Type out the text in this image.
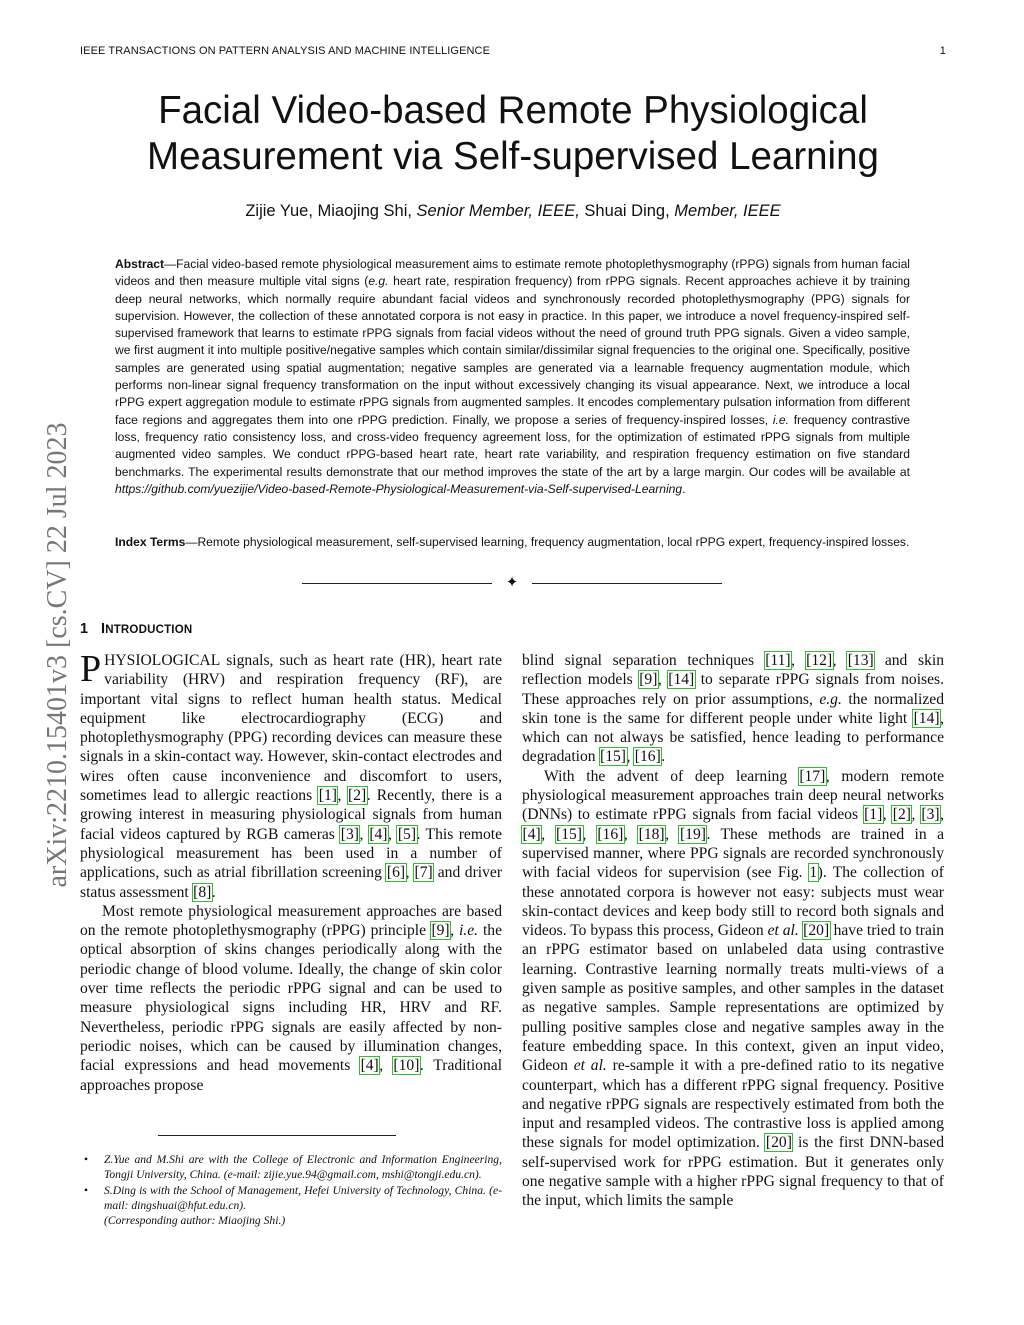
IEEE TRANSACTIONS ON PATTERN ANALYSIS AND MACHINE INTELLIGENCE	1
arXiv:2210.15401v3 [cs.CV] 22 Jul 2023
Facial Video-based Remote Physiological
Measurement via Self-supervised Learning
Zijie Yue, Miaojing Shi, Senior Member, IEEE, Shuai Ding, Member, IEEE

Abstract—Facial video-based remote physiological measurement aims to estimate remote photoplethysmography (rPPG) signals from human facial videos and then measure multiple vital signs (e.g. heart rate, respiration frequency) from rPPG signals. Recent approaches achieve it by training deep neural networks, which normally require abundant facial videos and synchronously recorded photoplethysmography (PPG) signals for supervision. However, the collection of these annotated corpora is not easy in practice. In this paper, we introduce a novel frequency-inspired self-supervised framework that learns to estimate rPPG signals from facial videos without the need of ground truth PPG signals. Given a video sample, we first augment it into multiple positive/negative samples which contain similar/dissimilar signal frequencies to the original one. Specifically, positive samples are generated using spatial augmentation; negative samples are generated via a learnable frequency augmentation module, which performs non-linear signal frequency transformation on the input without excessively changing its visual appearance. Next, we introduce a local rPPG expert aggregation module to estimate rPPG signals from augmented samples. It encodes complementary pulsation information from different face regions and aggregates them into one rPPG prediction. Finally, we propose a series of frequency-inspired losses, i.e. frequency contrastive loss, frequency ratio consistency loss, and cross-video frequency agreement loss, for the optimization of estimated rPPG signals from multiple augmented video samples. We conduct rPPG-based heart rate, heart rate variability, and respiration frequency estimation on five standard benchmarks. The experimental results demonstrate that our method improves the state of the art by a large margin. Our codes will be available at https://github.com/yuezijie/Video-based-Remote-Physiological-Measurement-via-Self-supervised-Learning.

Index Terms—Remote physiological measurement, self-supervised learning, frequency augmentation, local rPPG expert, frequency-inspired losses.

✦
1 INTRODUCTION

PHYSIOLOGICAL signals, such as heart rate (HR), heart rate variability (HRV) and respiration frequency (RF), are important vital signs to reflect human health status. Medical equipment like electrocardiography (ECG) and photoplethysmography (PPG) recording devices can measure these signals in a skin-contact way. However, skin-contact electrodes and wires often cause inconvenience and discomfort to users, sometimes lead to allergic reactions [1], [2]. Recently, there is a growing interest in measuring physiological signals from human facial videos captured by RGB cameras [3], [4], [5]. This remote physiological measurement has been used in a number of applications, such as atrial fibrillation screening [6], [7] and driver status assessment [8].

Most remote physiological measurement approaches are based on the remote photoplethysmography (rPPG) principle [9], i.e. the optical absorption of skins changes periodically along with the periodic change of blood volume. Ideally, the change of skin color over time reflects the periodic rPPG signal and can be used to measure physiological signs including HR, HRV and RF. Nevertheless, periodic rPPG signals are easily affected by non-periodic noises, which can be caused by illumination changes, facial expressions and head movements [4], [10]. Traditional approaches propose

blind signal separation techniques [11], [12], [13] and skin reflection models [9], [14] to separate rPPG signals from noises. These approaches rely on prior assumptions, e.g. the normalized skin tone is the same for different people under white light [14], which can not always be satisfied, hence leading to performance degradation [15], [16].

With the advent of deep learning [17], modern remote physiological measurement approaches train deep neural networks (DNNs) to estimate rPPG signals from facial videos [1], [2], [3], [4], [15], [16], [18], [19]. These methods are trained in a supervised manner, where PPG signals are recorded synchronously with facial videos for supervision (see Fig. 1). The collection of these annotated corpora is however not easy: subjects must wear skin-contact devices and keep body still to record both signals and videos. To bypass this process, Gideon et al. [20] have tried to train an rPPG estimator based on unlabeled data using contrastive learning. Contrastive learning normally treats multi-views of a given sample as positive samples, and other samples in the dataset as negative samples. Sample representations are optimized by pulling positive samples close and negative samples away in the feature embedding space. In this context, given an input video, Gideon et al. re-sample it with a pre-defined ratio to its negative counterpart, which has a different rPPG signal frequency. Positive and negative rPPG signals are respectively estimated from both the input and resampled videos. The contrastive loss is applied among these signals for model optimization. [20] is the first DNN-based self-supervised work for rPPG estimation. But it generates only one negative sample with a higher rPPG signal frequency to that of the input, which limits the sample

• Z.Yue and M.Shi are with the College of Electronic and Information Engineering, Tongji University, China. (e-mail: zijie.yue.94@gmail.com, mshi@tongji.edu.cn).
• S.Ding is with the School of Management, Hefei University of Technology, China. (e-mail: dingshuai@hfut.edu.cn).
(Corresponding author: Miaojing Shi.)
